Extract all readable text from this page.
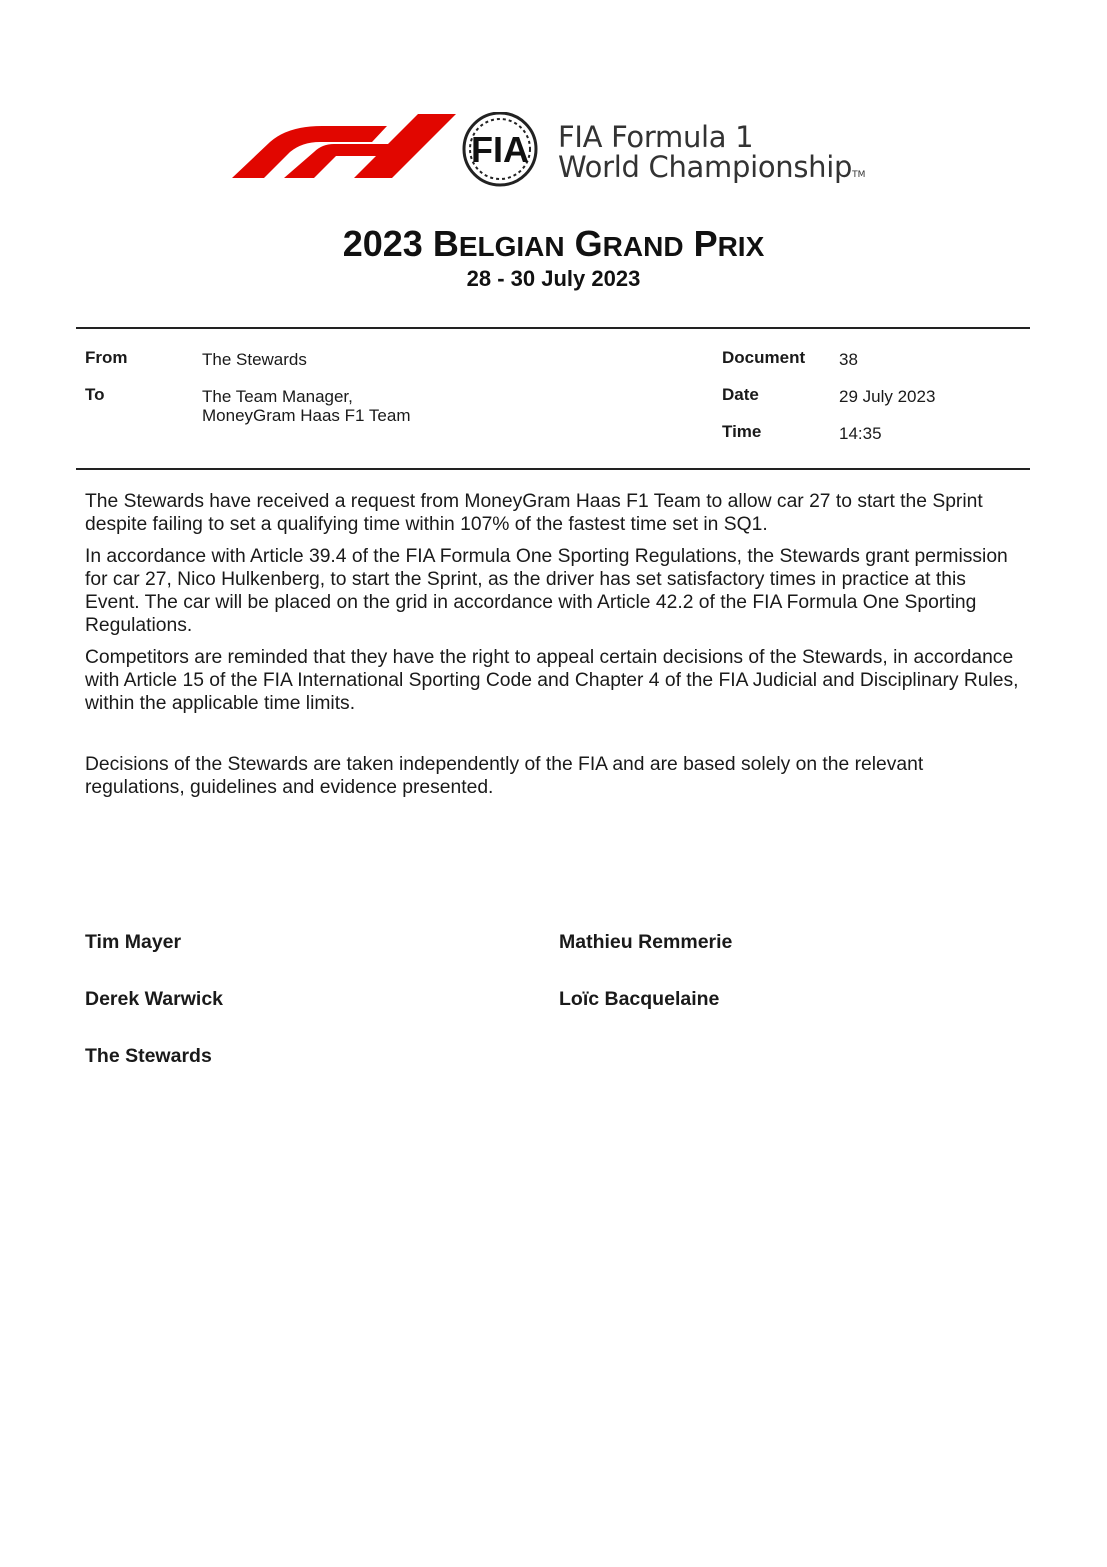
FIA FIA Formula 1
World ChampionshipTM
2023 BELGIAN GRAND PRIX
28 - 30 July 2023
From	The Stewards
To	The Team Manager,
MoneyGram Haas F1 Team
Document 38
Date	29 July 2023
Time	14:35

The Stewards have received a request from MoneyGram Haas F1 Team to allow car 27 to start the Sprint despite failing to set a qualifying time within 107% of the fastest time set in SQ1.

In accordance with Article 39.4 of the FIA Formula One Sporting Regulations, the Stewards grant permission for car 27, Nico Hulkenberg, to start the Sprint, as the driver has set satisfactory times in practice at this Event. The car will be placed on the grid in accordance with Article 42.2 of the FIA Formula One Sporting Regulations.

Competitors are reminded that they have the right to appeal certain decisions of the Stewards, in accordance with Article 15 of the FIA International Sporting Code and Chapter 4 of the FIA Judicial and Disciplinary Rules, within the applicable time limits.

Decisions of the Stewards are taken independently of the FIA and are based solely on the relevant regulations, guidelines and evidence presented.

Tim Mayer	Mathieu Remmerie
Derek Warwick	Loïc Bacquelaine
The Stewards
